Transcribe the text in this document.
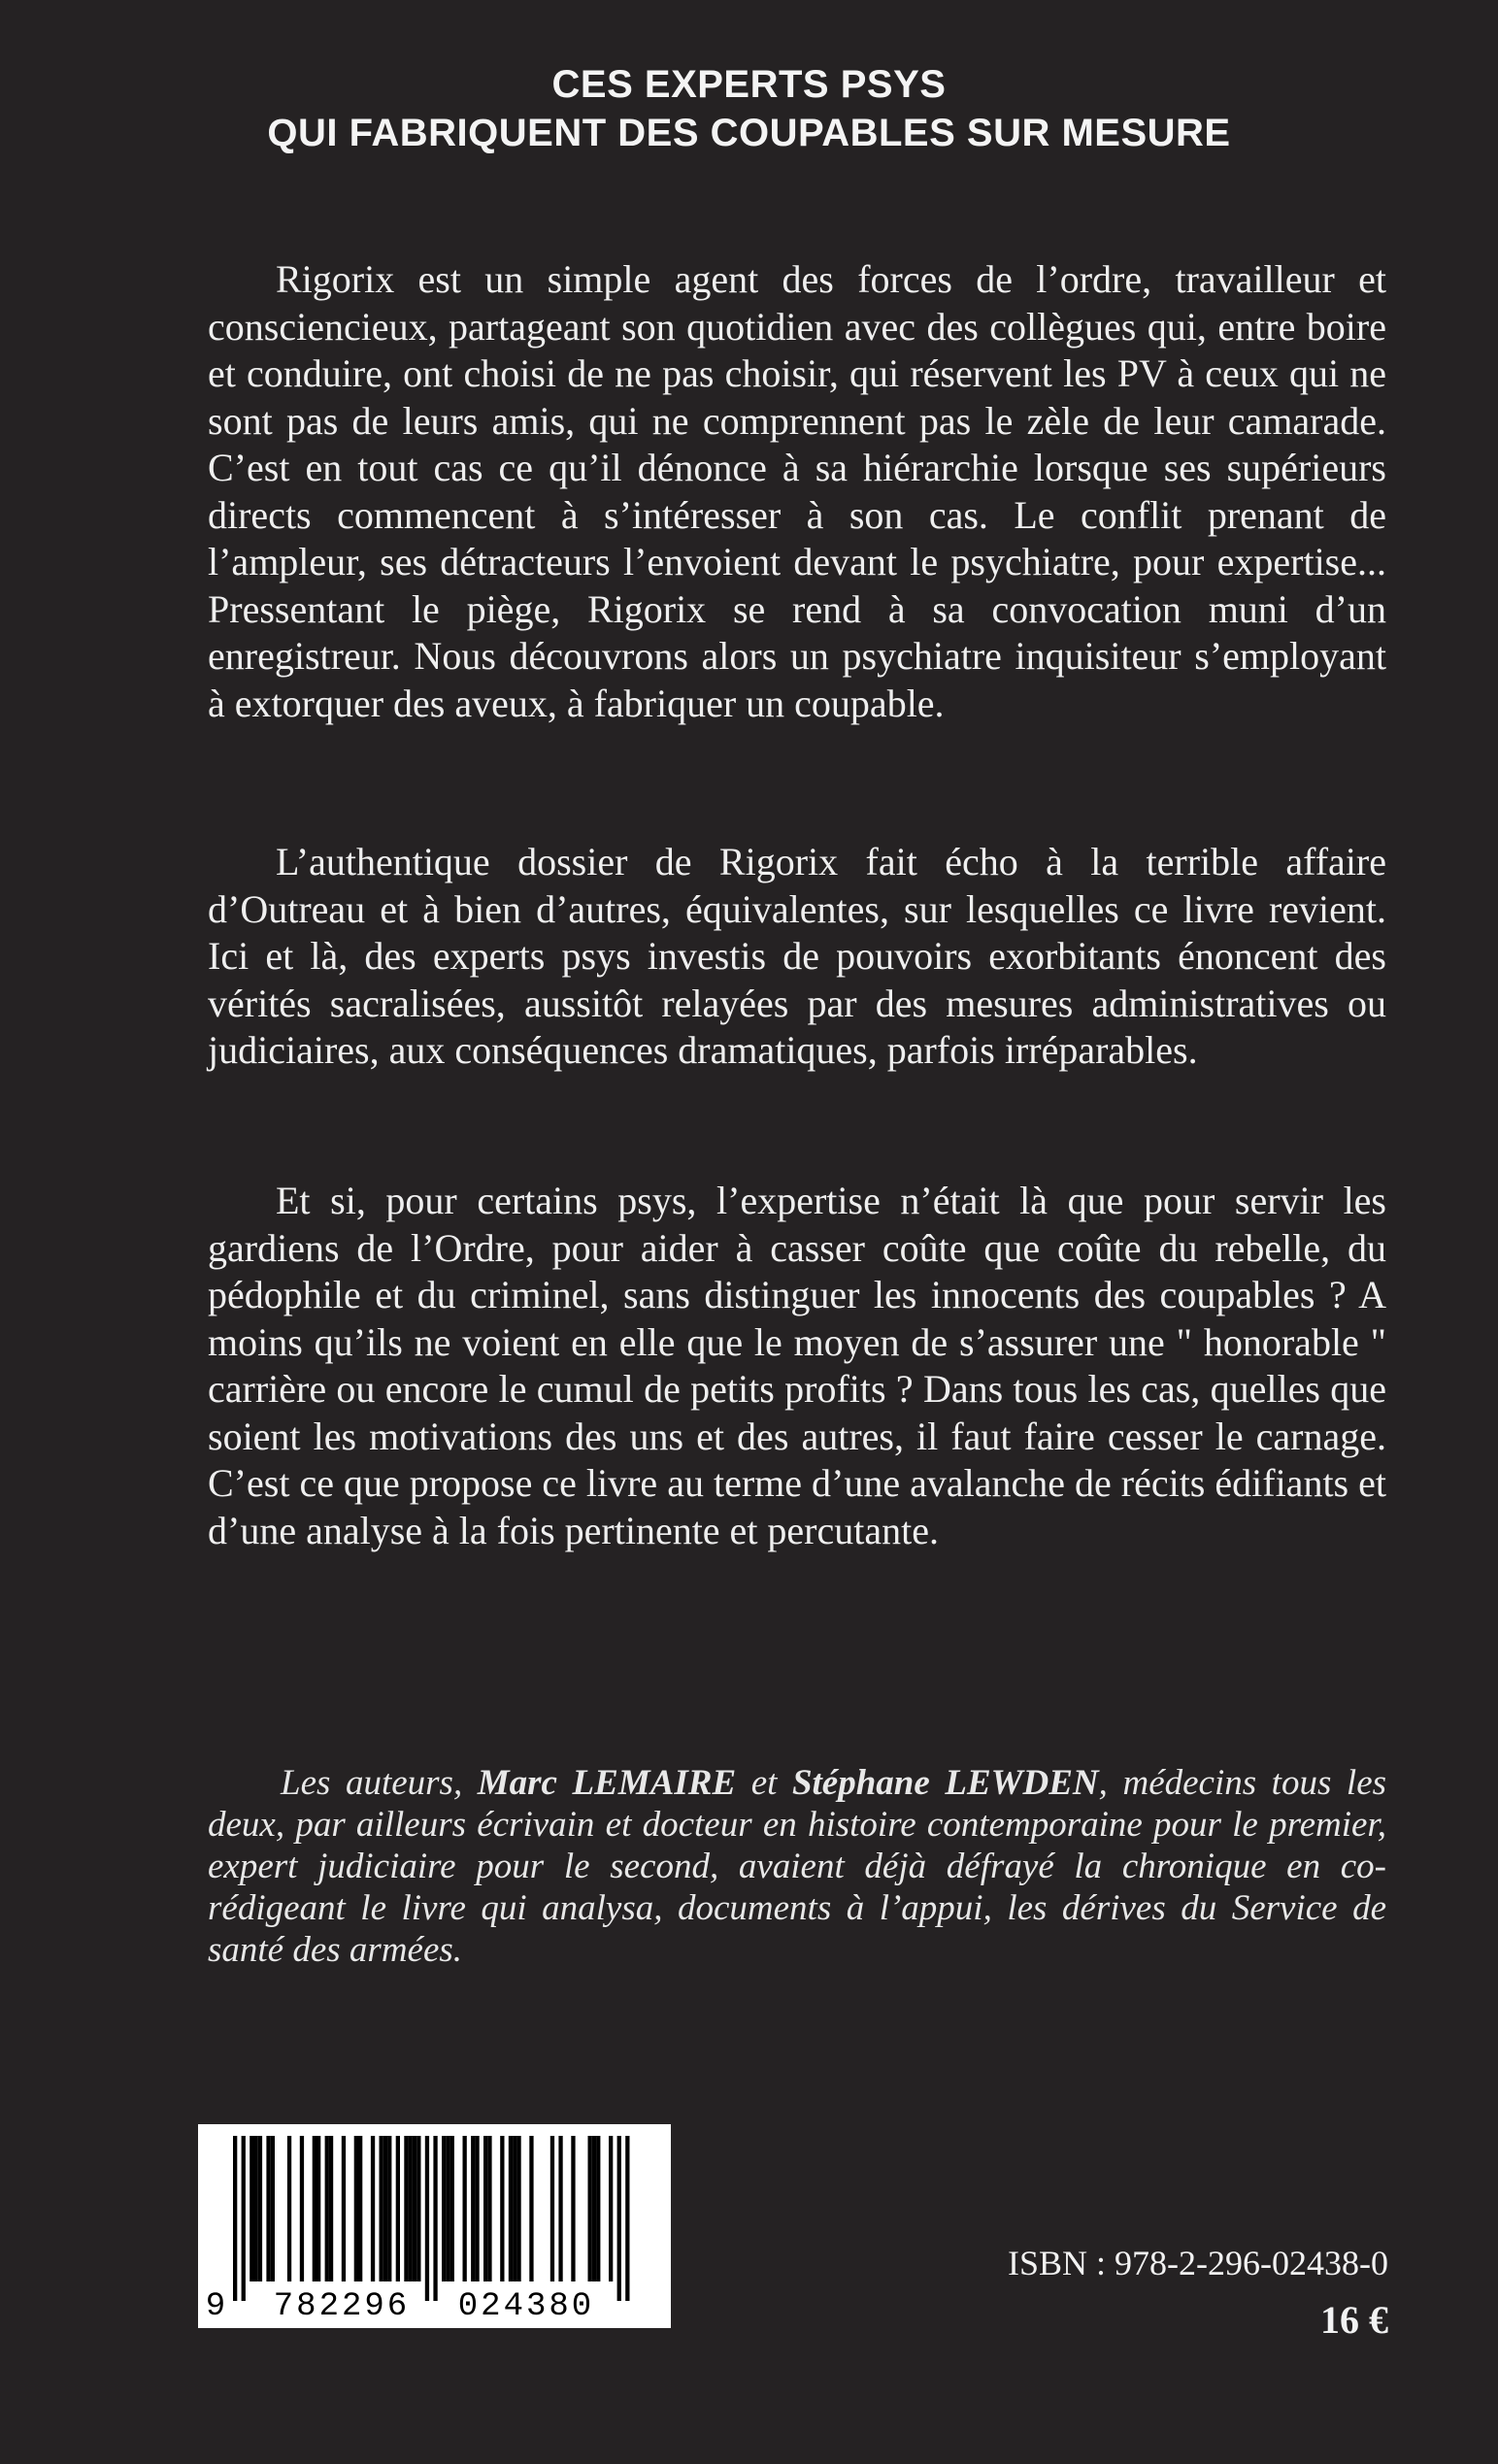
CES EXPERTS PSYS
QUI FABRIQUENT DES COUPABLES SUR MESURE

Rigorix est un simple agent des forces de l’ordre, travailleur et consciencieux, partageant son quotidien avec des collègues qui, entre boire et conduire, ont choisi de ne pas choisir, qui réservent les PV à ceux qui ne sont pas de leurs amis, qui ne comprennent pas le zèle de leur camarade. C’est en tout cas ce qu’il dénonce à sa hiérarchie lorsque ses supérieurs directs commencent à s’intéresser à son cas. Le conflit prenant de l’ampleur, ses détracteurs l’envoient devant le psychiatre, pour expertise... Pressentant le piège, Rigorix se rend à sa convocation muni d’un enregistreur. Nous découvrons alors un psychiatre inquisiteur s’employant à extorquer des aveux, à fabriquer un coupable.

L’authentique dossier de Rigorix fait écho à la terrible affaire d’Outreau et à bien d’autres, équivalentes, sur lesquelles ce livre revient. Ici et là, des experts psys investis de pouvoirs exorbitants énoncent des vérités sacralisées, aussitôt relayées par des mesures administratives ou judiciaires, aux conséquences dramatiques, parfois irréparables.

Et si, pour certains psys, l’expertise n’était là que pour servir les gardiens de l’Ordre, pour aider à casser coûte que coûte du rebelle, du pédophile et du criminel, sans distinguer les innocents des coupables ? A moins qu’ils ne voient en elle que le moyen de s’assurer une " honorable " carrière ou encore le cumul de petits profits ? Dans tous les cas, quelles que soient les motivations des uns et des autres, il faut faire cesser le carnage. C’est ce que propose ce livre au terme d’une avalanche de récits édifiants et d’une analyse à la fois pertinente et percutante.

Les auteurs, Marc LEMAIRE et Stéphane LEWDEN, médecins tous les deux, par ailleurs écrivain et docteur en histoire contemporaine pour le premier, expert judiciaire pour le second, avaient déjà défrayé la chronique en co-rédigeant le livre qui analysa, documents à l’appui, les dérives du Service de santé des armées.

9 782296 024380
ISBN : 978-2-296-02438-0
16 €
